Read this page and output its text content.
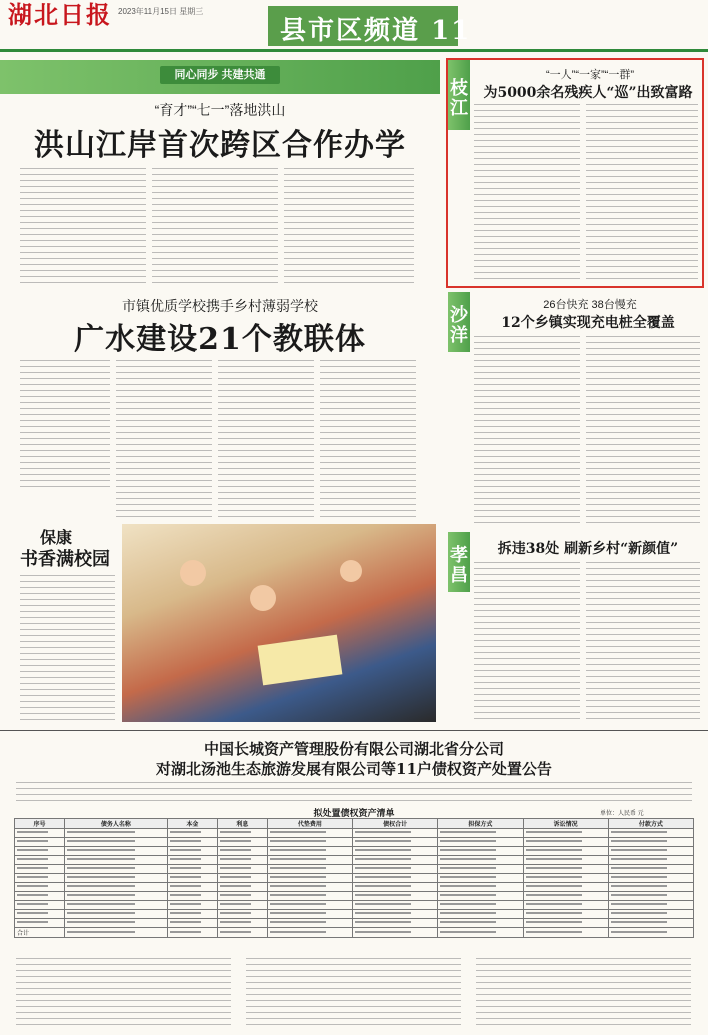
湖北日报 2023年11月15日 星期三
县市区频道 11
同心同步 共建共通
“育才”“七一”落地洪山
洪山江岸首次跨区合作办学
市镇优质学校携手乡村薄弱学校
广水建设21个教联体
保康
书香满校园
枝江
“一人”“一家”“一群”
为5000余名残疾人“巡”出致富路
沙洋	26台快充 38台慢充
12个乡镇实现充电桩全覆盖
孝昌	拆违38处 刷新乡村“新颜值”
中国长城资产管理股份有限公司湖北省分公司
对湖北汤池生态旅游发展有限公司等11户债权资产处置公告
拟处置债权资产清单	单位：人民币 元
序号	债务人名称	本金	利息	代垫费用	债权合计	担保方式	诉讼情况	付款方式

合计								
